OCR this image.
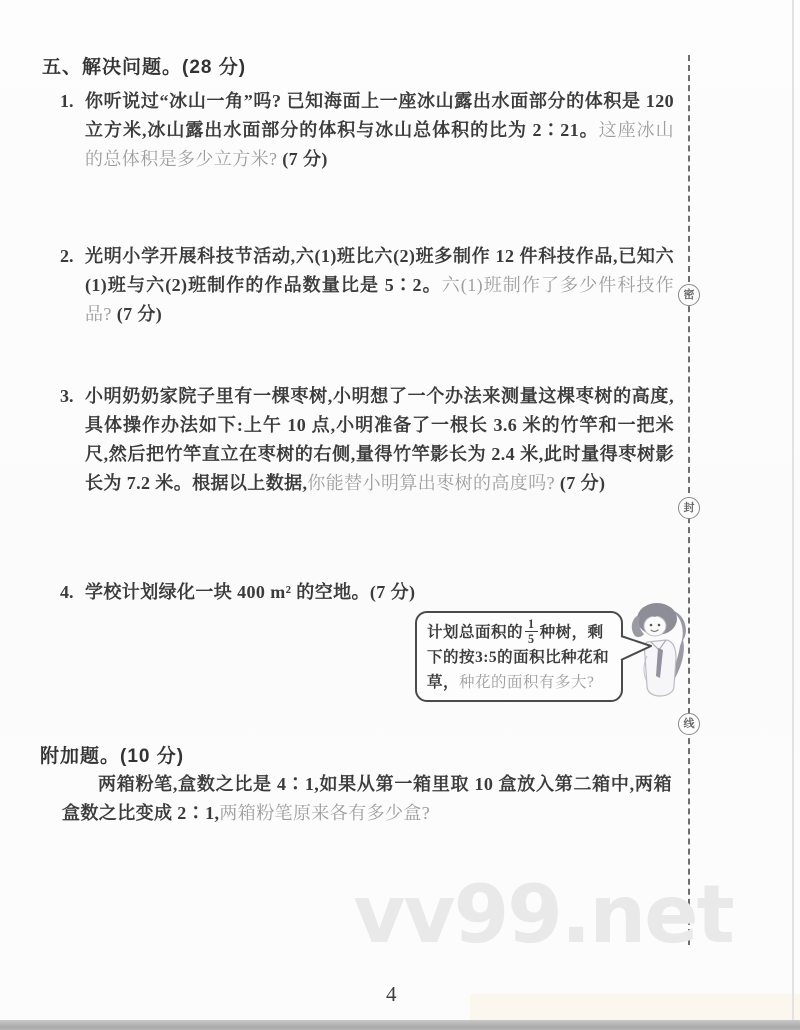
五、解决问题。(28 分)
1. 你听说过“冰山一角”吗? 已知海面上一座冰山露出水面部分的体积是 120 立方米,冰山露出水面部分的体积与冰山总体积的比为 2∶21。这座冰山的总体积是多少立方米? (7 分)
2. 光明小学开展科技节活动,六(1)班比六(2)班多制作 12 件科技作品,已知六(1)班与六(2)班制作的作品数量比是 5∶2。六(1)班制作了多少件科技作品? (7 分)
3. 小明奶奶家院子里有一棵枣树,小明想了一个办法来测量这棵枣树的高度,具体操作办法如下:上午 10 点,小明准备了一根长 3.6 米的竹竿和一把米尺,然后把竹竿直立在枣树的右侧,量得竹竿影长为 2.4 米,此时量得枣树影长为 7.2 米。根据以上数据,你能替小明算出枣树的高度吗? (7 分)
4. 学校计划绿化一块 400 m² 的空地。(7 分)
计划总面积的 $\frac{1}{5}$ 种树，剩下的按3:5的面积比种花和草，种花的面积有多大?
附加题。(10 分)
两箱粉笔,盒数之比是 4∶1,如果从第一箱里取 10 盒放入第二箱中,两箱盒数之比变成 2∶1,两箱粉笔原来各有多少盒?
密
封
线
vv99.net
4
